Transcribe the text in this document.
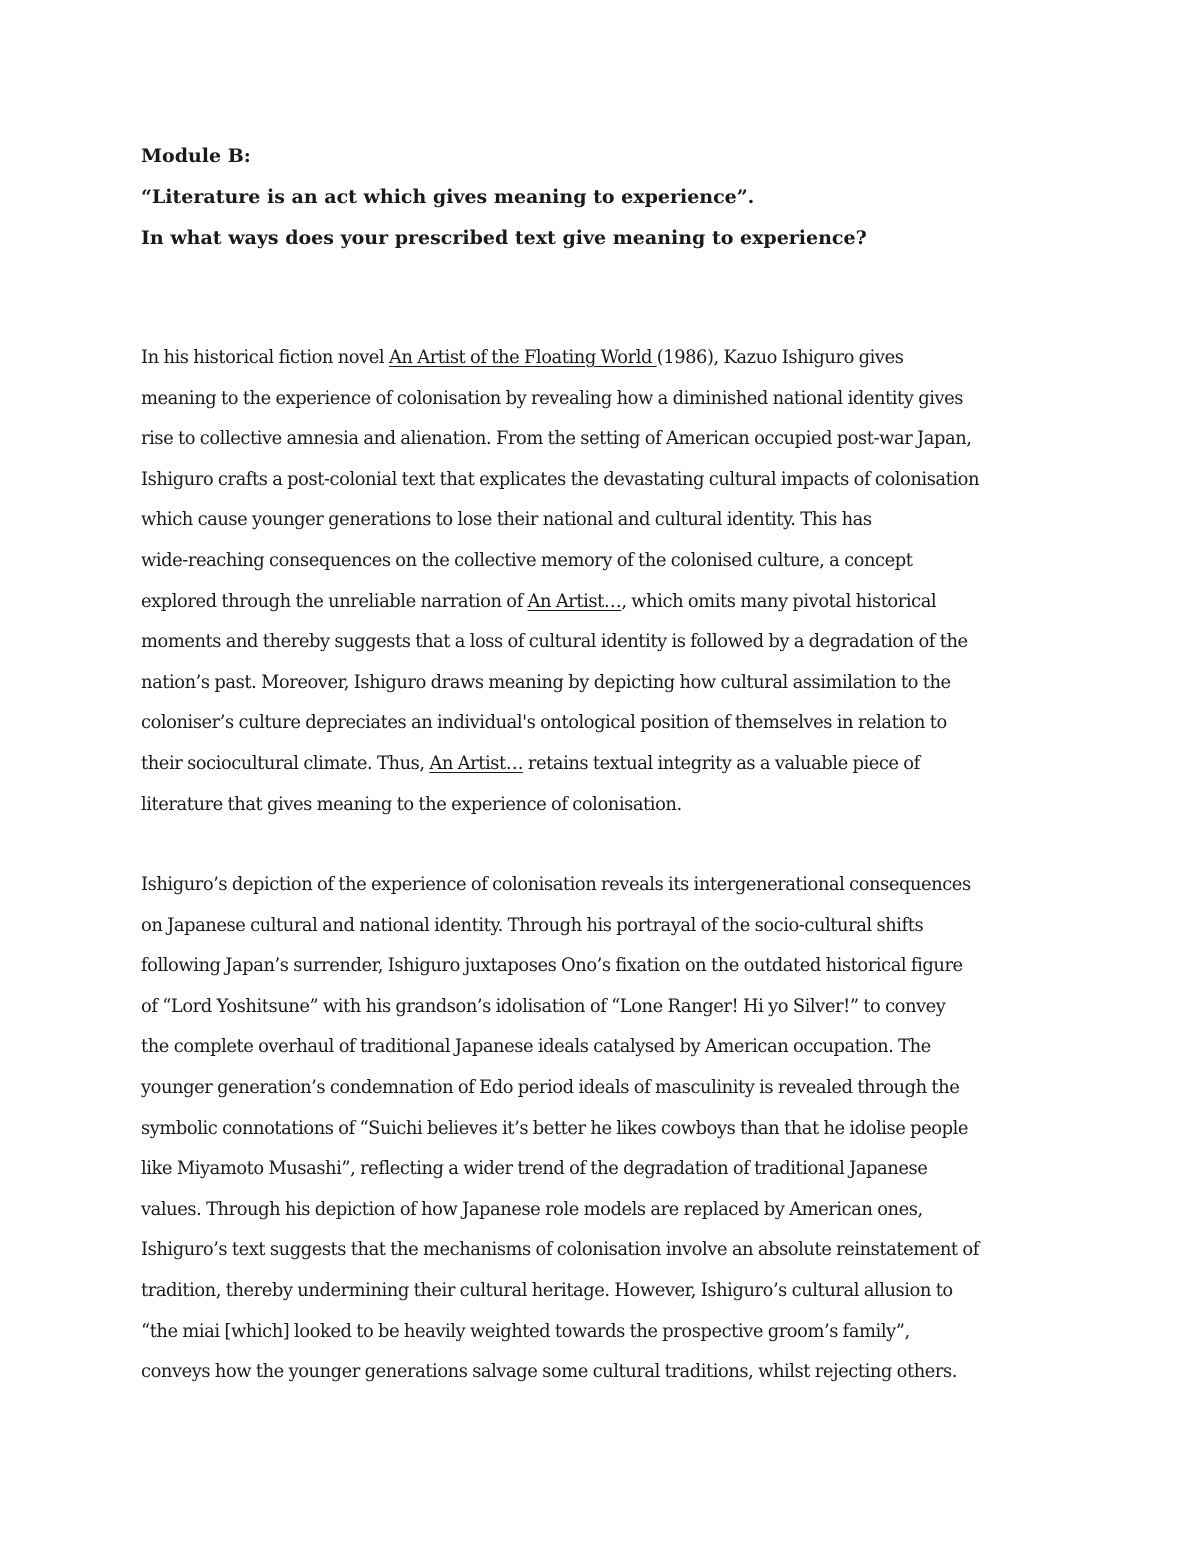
Module B:
“Literature is an act which gives meaning to experience”.
In what ways does your prescribed text give meaning to experience?
In his historical fiction novel An Artist of the Floating World (1986), Kazuo Ishiguro gives
meaning to the experience of colonisation by revealing how a diminished national identity gives
rise to collective amnesia and alienation. From the setting of American occupied post-war Japan,
Ishiguro crafts a post-colonial text that explicates the devastating cultural impacts of colonisation
which cause younger generations to lose their national and cultural identity. This has
wide-reaching consequences on the collective memory of the colonised culture, a concept
explored through the unreliable narration of An Artist…, which omits many pivotal historical
moments and thereby suggests that a loss of cultural identity is followed by a degradation of the
nation’s past. Moreover, Ishiguro draws meaning by depicting how cultural assimilation to the
coloniser’s culture depreciates an individual's ontological position of themselves in relation to
their sociocultural climate. Thus, An Artist… retains textual integrity as a valuable piece of
literature that gives meaning to the experience of colonisation.
Ishiguro’s depiction of the experience of colonisation reveals its intergenerational consequences
on Japanese cultural and national identity. Through his portrayal of the socio-cultural shifts
following Japan’s surrender, Ishiguro juxtaposes Ono’s fixation on the outdated historical figure
of “Lord Yoshitsune” with his grandson’s idolisation of “Lone Ranger! Hi yo Silver!” to convey
the complete overhaul of traditional Japanese ideals catalysed by American occupation. The
younger generation’s condemnation of Edo period ideals of masculinity is revealed through the
symbolic connotations of “Suichi believes it’s better he likes cowboys than that he idolise people
like Miyamoto Musashi”, reflecting a wider trend of the degradation of traditional Japanese
values. Through his depiction of how Japanese role models are replaced by American ones,
Ishiguro’s text suggests that the mechanisms of colonisation involve an absolute reinstatement of
tradition, thereby undermining their cultural heritage. However, Ishiguro’s cultural allusion to
“the miai [which] looked to be heavily weighted towards the prospective groom’s family”,
conveys how the younger generations salvage some cultural traditions, whilst rejecting others.
